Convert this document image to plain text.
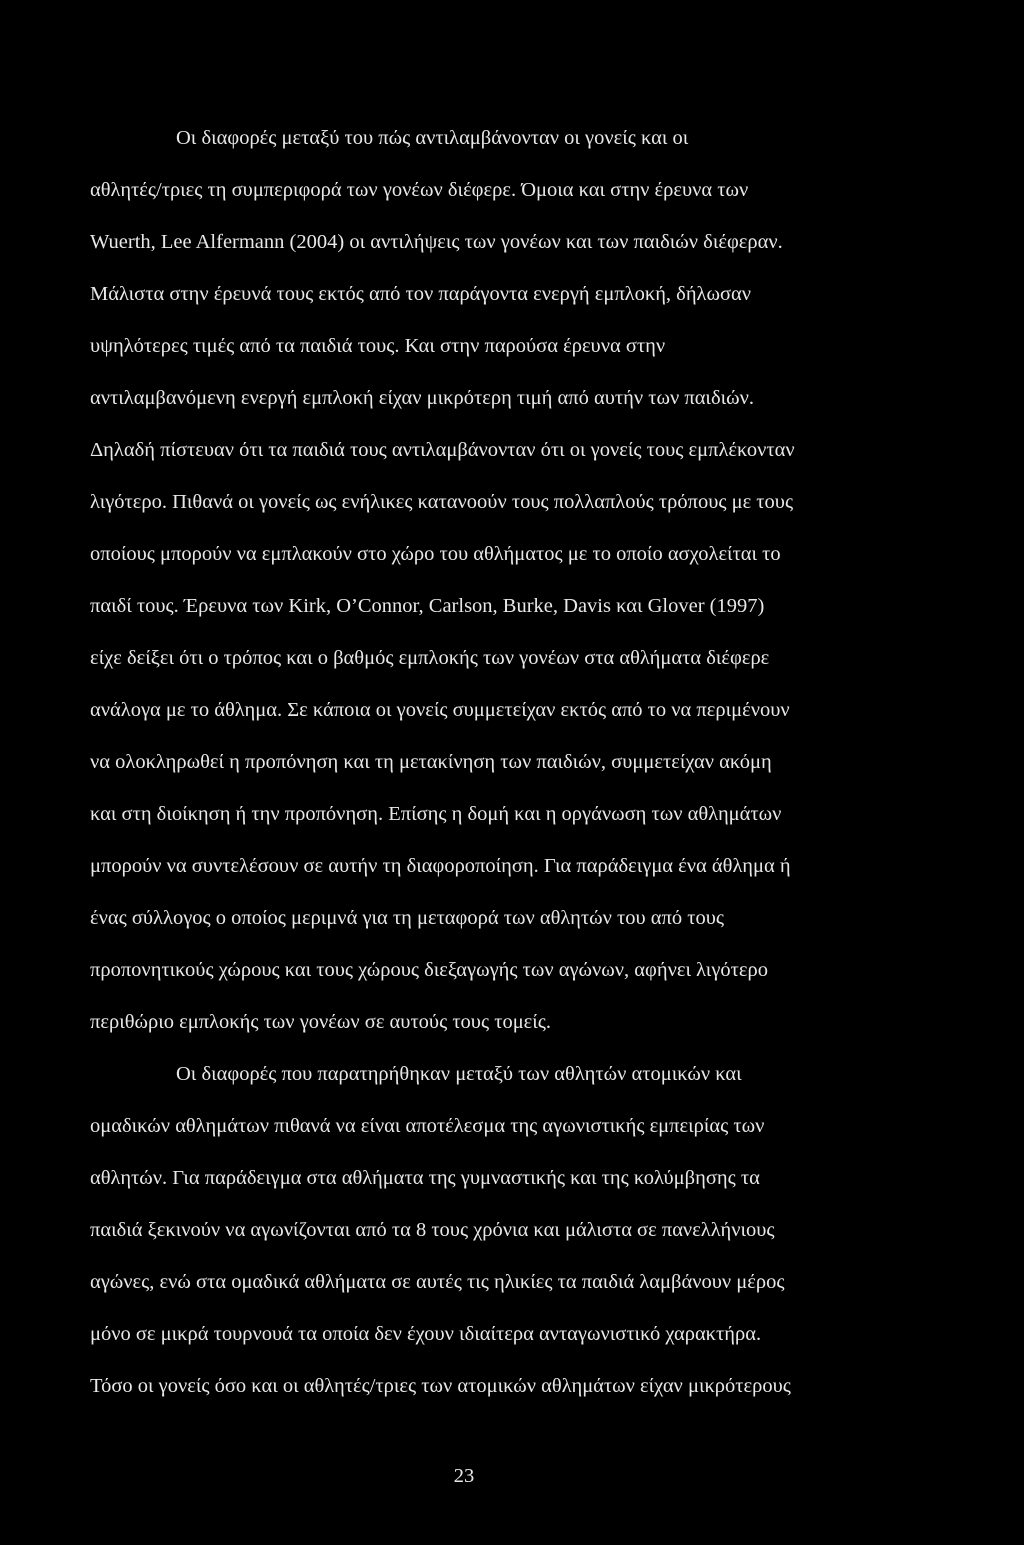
Οι διαφορές μεταξύ του πώς αντιλαμβάνονταν οι γονείς και οι
αθλητές/τριες τη συμπεριφορά των γονέων διέφερε. Όμοια και στην έρευνα των
Wuerth, Lee Alfermann (2004) οι αντιλήψεις των γονέων και των παιδιών διέφεραν.
Μάλιστα στην έρευνά τους εκτός από τον παράγοντα ενεργή εμπλοκή, δήλωσαν
υψηλότερες τιμές από τα παιδιά τους. Και στην παρούσα έρευνα στην
αντιλαμβανόμενη ενεργή εμπλοκή είχαν μικρότερη τιμή από αυτήν των παιδιών.
Δηλαδή πίστευαν ότι τα παιδιά τους αντιλαμβάνονταν ότι οι γονείς τους εμπλέκονταν
λιγότερο. Πιθανά οι γονείς ως ενήλικες κατανοούν τους πολλαπλούς τρόπους με τους
οποίους μπορούν να εμπλακούν στο χώρο του αθλήματος με το οποίο ασχολείται το
παιδί τους. Έρευνα των Kirk, O’Connor, Carlson, Burke, Davis και Glover (1997)
είχε δείξει ότι ο τρόπος και ο βαθμός εμπλοκής των γονέων στα αθλήματα διέφερε
ανάλογα με το άθλημα. Σε κάποια οι γονείς συμμετείχαν εκτός από το να περιμένουν
να ολοκληρωθεί η προπόνηση και τη μετακίνηση των παιδιών, συμμετείχαν ακόμη
και στη διοίκηση ή την προπόνηση. Επίσης η δομή και η οργάνωση των αθλημάτων
μπορούν να συντελέσουν σε αυτήν τη διαφοροποίηση. Για παράδειγμα ένα άθλημα ή
ένας σύλλογος ο οποίος μεριμνά για τη μεταφορά των αθλητών του από τους
προπονητικούς χώρους και τους χώρους διεξαγωγής των αγώνων, αφήνει λιγότερο
περιθώριο εμπλοκής των γονέων σε αυτούς τους τομείς.
Οι διαφορές που παρατηρήθηκαν μεταξύ των αθλητών ατομικών και
ομαδικών αθλημάτων πιθανά να είναι αποτέλεσμα της αγωνιστικής εμπειρίας των
αθλητών. Για παράδειγμα στα αθλήματα της γυμναστικής και της κολύμβησης τα
παιδιά ξεκινούν να αγωνίζονται από τα 8 τους χρόνια και μάλιστα σε πανελλήνιους
αγώνες, ενώ στα ομαδικά αθλήματα σε αυτές τις ηλικίες τα παιδιά λαμβάνουν μέρος
μόνο σε μικρά τουρνουά τα οποία δεν έχουν ιδιαίτερα ανταγωνιστικό χαρακτήρα.
Τόσο οι γονείς όσο και οι αθλητές/τριες των ατομικών αθλημάτων είχαν μικρότερους
23
